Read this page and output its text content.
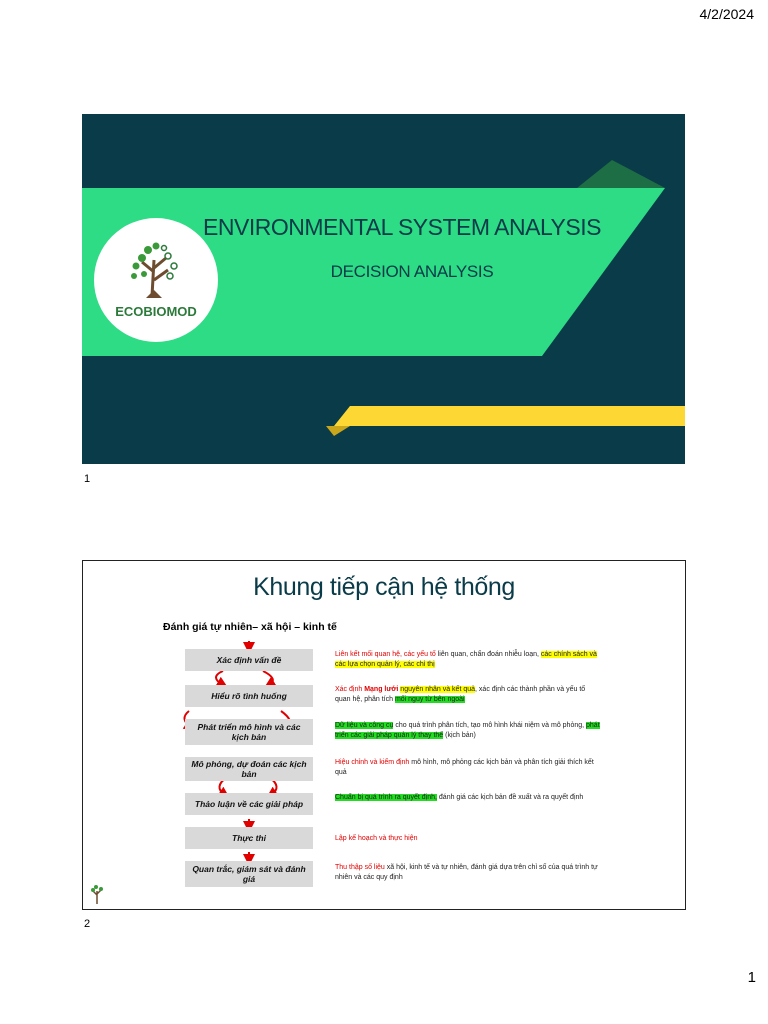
4/2/2024
ENVIRONMENTAL SYSTEM ANALYSIS
DECISION ANALYSIS
ECOBIOMOD
1
Khung tiếp cận hệ thống
Đánh giá tự nhiên– xã hội – kinh tế
Xác định vấn đề
Hiểu rõ tình huống
Phát triển mô hình và các kịch bản
Mô phỏng, dự đoán các kịch bản
Thảo luận về các giải pháp
Thực thi
Quan trắc, giám sát và đánh giá
Liên kết mối quan hệ, các yếu tố liên quan, chẩn đoán nhiễu loạn, các chính sách và các lựa chọn quản lý, các chỉ thị
Xác định Mạng lưới nguyên nhân và kết quả, xác định các thành phần và yếu tố quan hệ, phân tích mối nguy từ bên ngoài
Dữ liệu và công cụ cho quá trình phân tích, tạo mô hình khái niệm và mô phỏng, phát triển các giải pháp quản lý thay thế (kịch bản)
Hiệu chỉnh và kiểm định mô hình, mô phỏng các kịch bản và phân tích giải thích kết quả
Chuẩn bị quá trình ra quyết định, đánh giá các kịch bản đề xuất và ra quyết định
Lập kế hoạch và thực hiện
Thu thập số liệu xã hội, kinh tế và tự nhiên, đánh giá dựa trên chỉ số của quá trình tự nhiên và các quy định
2
1
